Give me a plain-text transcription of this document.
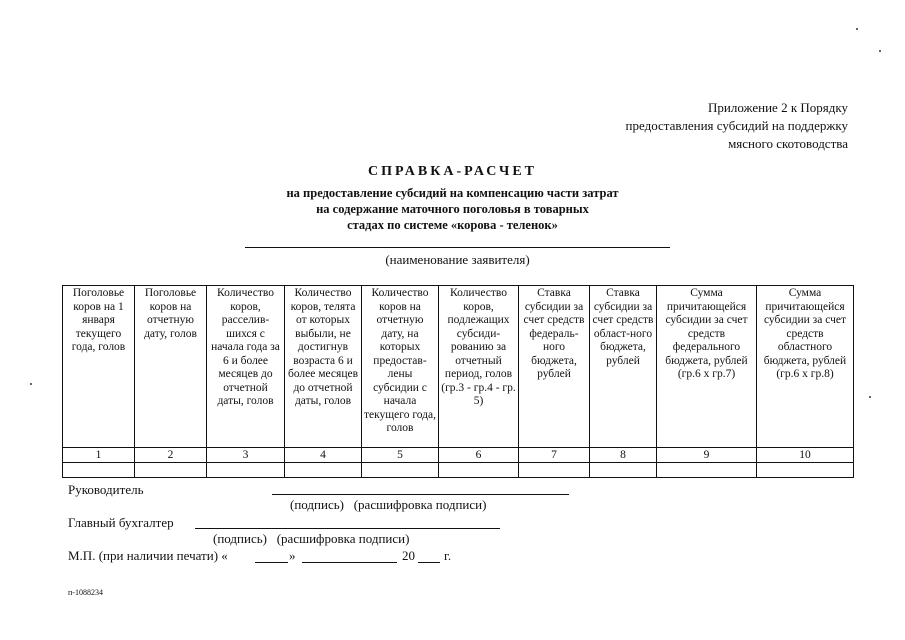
Приложение 2 к Порядку
предоставления субсидий на поддержку
мясного скотоводства
СПРАВКА-РАСЧЕТ
на предоставление субсидий на компенсацию части затрат
на содержание маточного поголовья в товарных
стадах по системе «корова - теленок»
(наименование заявителя)
Поголовье коров на 1 января текущего года, голов	Поголовье коров на отчетную дату, голов	Количество коров, расселив-шихся с начала года за 6 и более месяцев до отчетной даты, голов	Количество коров, телята от которых выбыли, не достигнув возраста 6 и более месяцев до отчетной даты, голов	Количество коров на отчетную дату, на которых предостав-лены субсидии с начала текущего года, голов	Количество коров, подлежащих субсиди-рованию за отчетный период, голов (гр.3 - гр.4 - гр. 5)	Ставка субсидии за счет средств федераль-ного бюджета, рублей	Ставка субсидии за счет средств област-ного бюджета, рублей	Сумма причитающейся субсидии за счет средств федерального бюджета, рублей (гр.6 х гр.7)	Сумма причитающейся субсидии за счет средств областного бюджета, рублей (гр.6 х гр.8)
1	2	3	4	5	6	7	8	9	10

Руководитель
(подпись)   (расшифровка подписи)
Главный бухгалтер
(подпись)   (расшифровка подписи)
М.П. (при наличии печати) «	»	20 г.
п-1088234
